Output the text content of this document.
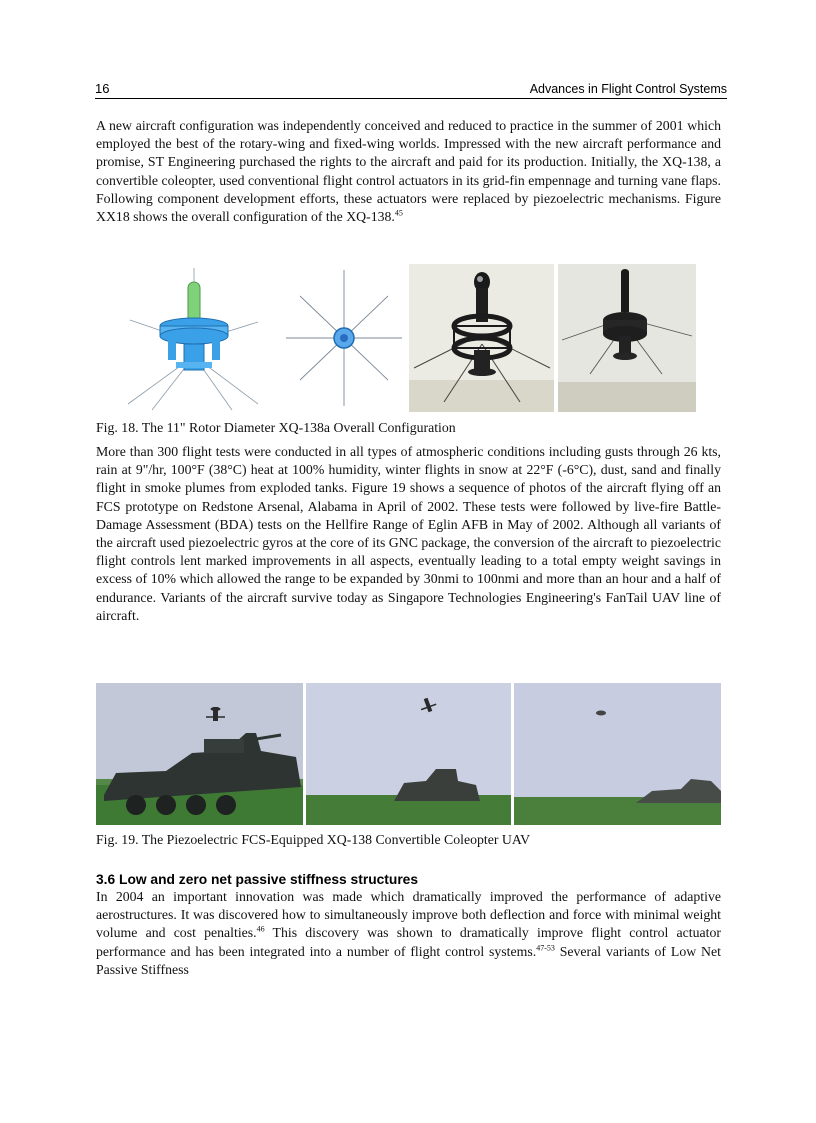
16	Advances in Flight Control Systems

A new aircraft configuration was independently conceived and reduced to practice in the summer of 2001 which employed the best of the rotary-wing and fixed-wing worlds. Impressed with the new aircraft performance and promise, ST Engineering purchased the rights to the aircraft and paid for its production. Initially, the XQ-138, a convertible coleopter, used conventional flight control actuators in its grid-fin empennage and turning vane flaps. Following component development efforts, these actuators were replaced by piezoelectric mechanisms. Figure XX18 shows the overall configuration of the XQ-138.45

Fig. 18. The 11" Rotor Diameter XQ-138a Overall Configuration

More than 300 flight tests were conducted in all types of atmospheric conditions including gusts through 26 kts, rain at 9"/hr, 100°F (38°C) heat at 100% humidity, winter flights in snow at 22°F (-6°C), dust, sand and finally flight in smoke plumes from exploded tanks. Figure 19 shows a sequence of photos of the aircraft flying off an FCS prototype on Redstone Arsenal, Alabama in April of 2002. These tests were followed by live-fire Battle-Damage Assessment (BDA) tests on the Hellfire Range of Eglin AFB in May of 2002. Although all variants of the aircraft used piezoelectric gyros at the core of its GNC package, the conversion of the aircraft to piezoelectric flight controls lent marked improvements in all aspects, eventually leading to a total empty weight savings in excess of 10% which allowed the range to be expanded by 30nmi to 100nmi and more than an hour and a half of endurance. Variants of the aircraft survive today as Singapore Technologies Engineering's FanTail UAV line of aircraft.

Fig. 19. The Piezoelectric FCS-Equipped XQ-138 Convertible Coleopter UAV
3.6 Low and zero net passive stiffness structures

In 2004 an important innovation was made which dramatically improved the performance of adaptive aerostructures. It was discovered how to simultaneously improve both deflection and force with minimal weight volume and cost penalties.$^{46}$ This discovery was shown to dramatically improve flight control actuator performance and has been integrated into a number of flight control systems.$^{47-53}$ Several variants of Low Net Passive Stiffness
